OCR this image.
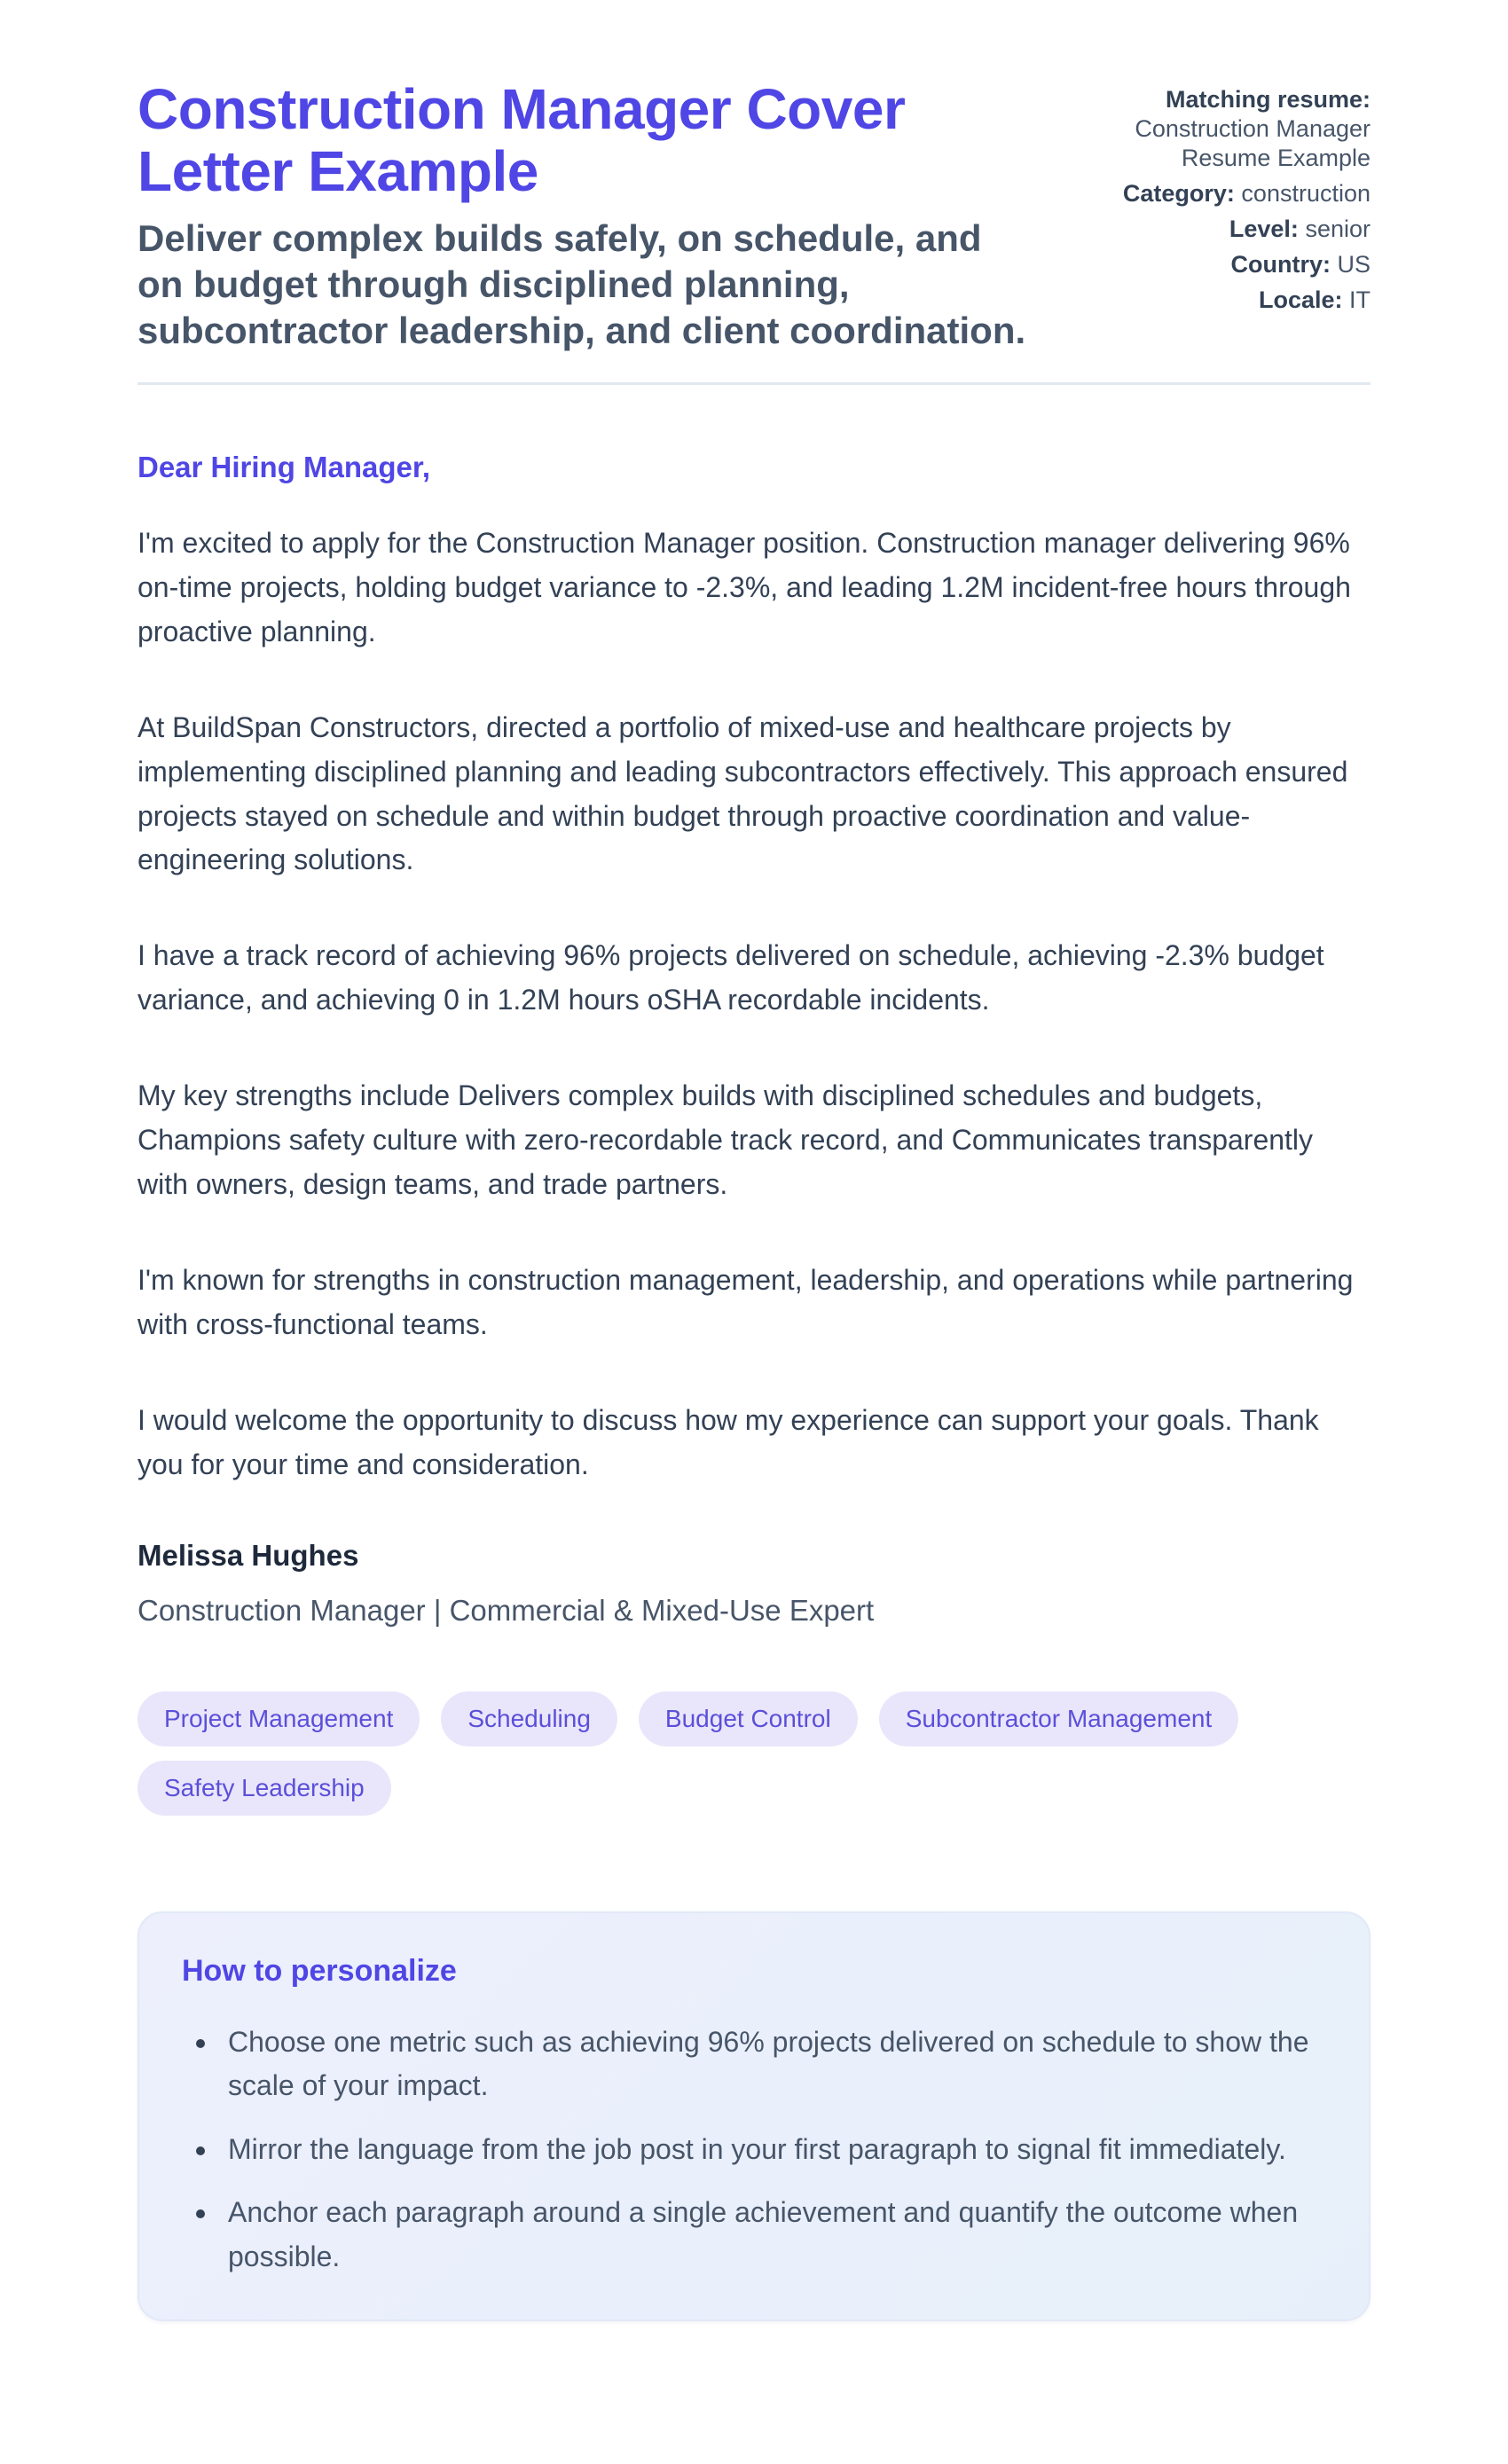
Construction Manager Cover Letter Example

Deliver complex builds safely, on schedule, and on budget through disciplined planning, subcontractor leadership, and client coordination.

Matching resume: Construction Manager Resume Example
Category: construction
Level: senior
Country: US
Locale: IT

Dear Hiring Manager,

I'm excited to apply for the Construction Manager position. Construction manager delivering 96% on-time projects, holding budget variance to -2.3%, and leading 1.2M incident-free hours through proactive planning.

At BuildSpan Constructors, directed a portfolio of mixed-use and healthcare projects by implementing disciplined planning and leading subcontractors effectively. This approach ensured projects stayed on schedule and within budget through proactive coordination and value-engineering solutions.

I have a track record of achieving 96% projects delivered on schedule, achieving -2.3% budget variance, and achieving 0 in 1.2M hours oSHA recordable incidents.

My key strengths include Delivers complex builds with disciplined schedules and budgets, Champions safety culture with zero-recordable track record, and Communicates transparently with owners, design teams, and trade partners.

I'm known for strengths in construction management, leadership, and operations while partnering with cross-functional teams.

I would welcome the opportunity to discuss how my experience can support your goals. Thank you for your time and consideration.

Melissa Hughes

Construction Manager | Commercial & Mixed-Use Expert

Project Management	Scheduling	Budget Control	Subcontractor Management
Safety Leadership

How to personalize

• Choose one metric such as achieving 96% projects delivered on schedule to show the scale of your impact.
• Mirror the language from the job post in your first paragraph to signal fit immediately.
• Anchor each paragraph around a single achievement and quantify the outcome when possible.
